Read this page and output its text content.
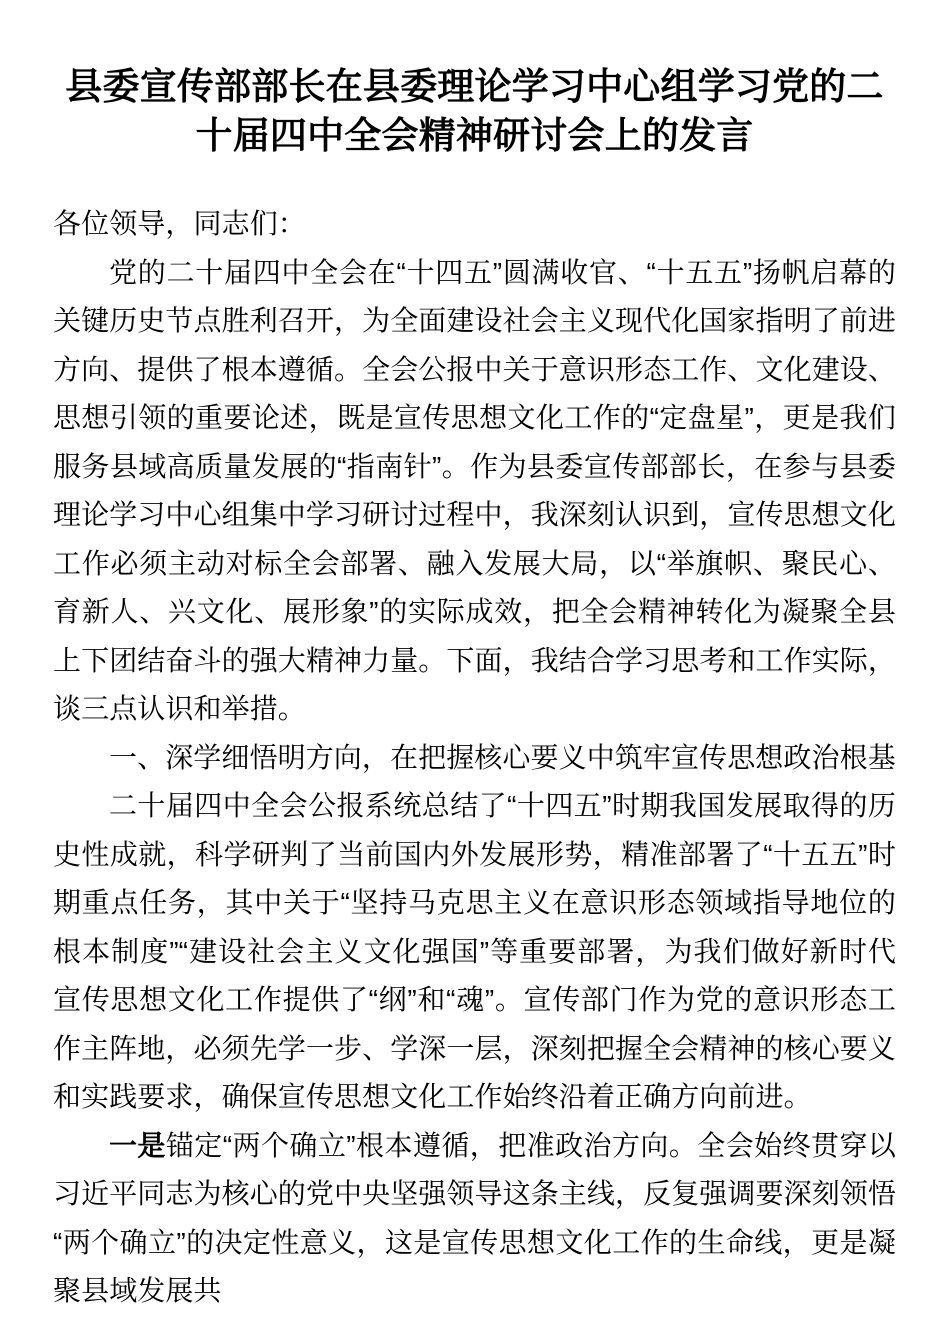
县委宣传部部长在县委理论学习中心组学习党的二十届四中全会精神研讨会上的发言

各位领导，同志们：

党的二十届四中全会在“十四五”圆满收官、“十五五”扬帆启幕的关键历史节点胜利召开，为全面建设社会主义现代化国家指明了前进方向、提供了根本遵循。全会公报中关于意识形态工作、文化建设、思想引领的重要论述，既是宣传思想文化工作的“定盘星”，更是我们服务县域高质量发展的“指南针”。作为县委宣传部部长，在参与县委理论学习中心组集中学习研讨过程中，我深刻认识到，宣传思想文化工作必须主动对标全会部署、融入发展大局，以“举旗帜、聚民心、育新人、兴文化、展形象”的实际成效，把全会精神转化为凝聚全县上下团结奋斗的强大精神力量。下面，我结合学习思考和工作实际，谈三点认识和举措。

一、深学细悟明方向，在把握核心要义中筑牢宣传思想政治根基

二十届四中全会公报系统总结了“十四五”时期我国发展取得的历史性成就，科学研判了当前国内外发展形势，精准部署了“十五五”时期重点任务，其中关于“坚持马克思主义在意识形态领域指导地位的根本制度”“建设社会主义文化强国”等重要部署，为我们做好新时代宣传思想文化工作提供了“纲”和“魂”。宣传部门作为党的意识形态工作主阵地，必须先学一步、学深一层，深刻把握全会精神的核心要义和实践要求，确保宣传思想文化工作始终沿着正确方向前进。

一是锚定“两个确立”根本遵循，把准政治方向。全会始终贯穿以习近平同志为核心的党中央坚强领导这条主线，反复强调要深刻领悟“两个确立”的决定性意义，这是宣传思想文化工作的生命线，更是凝聚县域发展共
